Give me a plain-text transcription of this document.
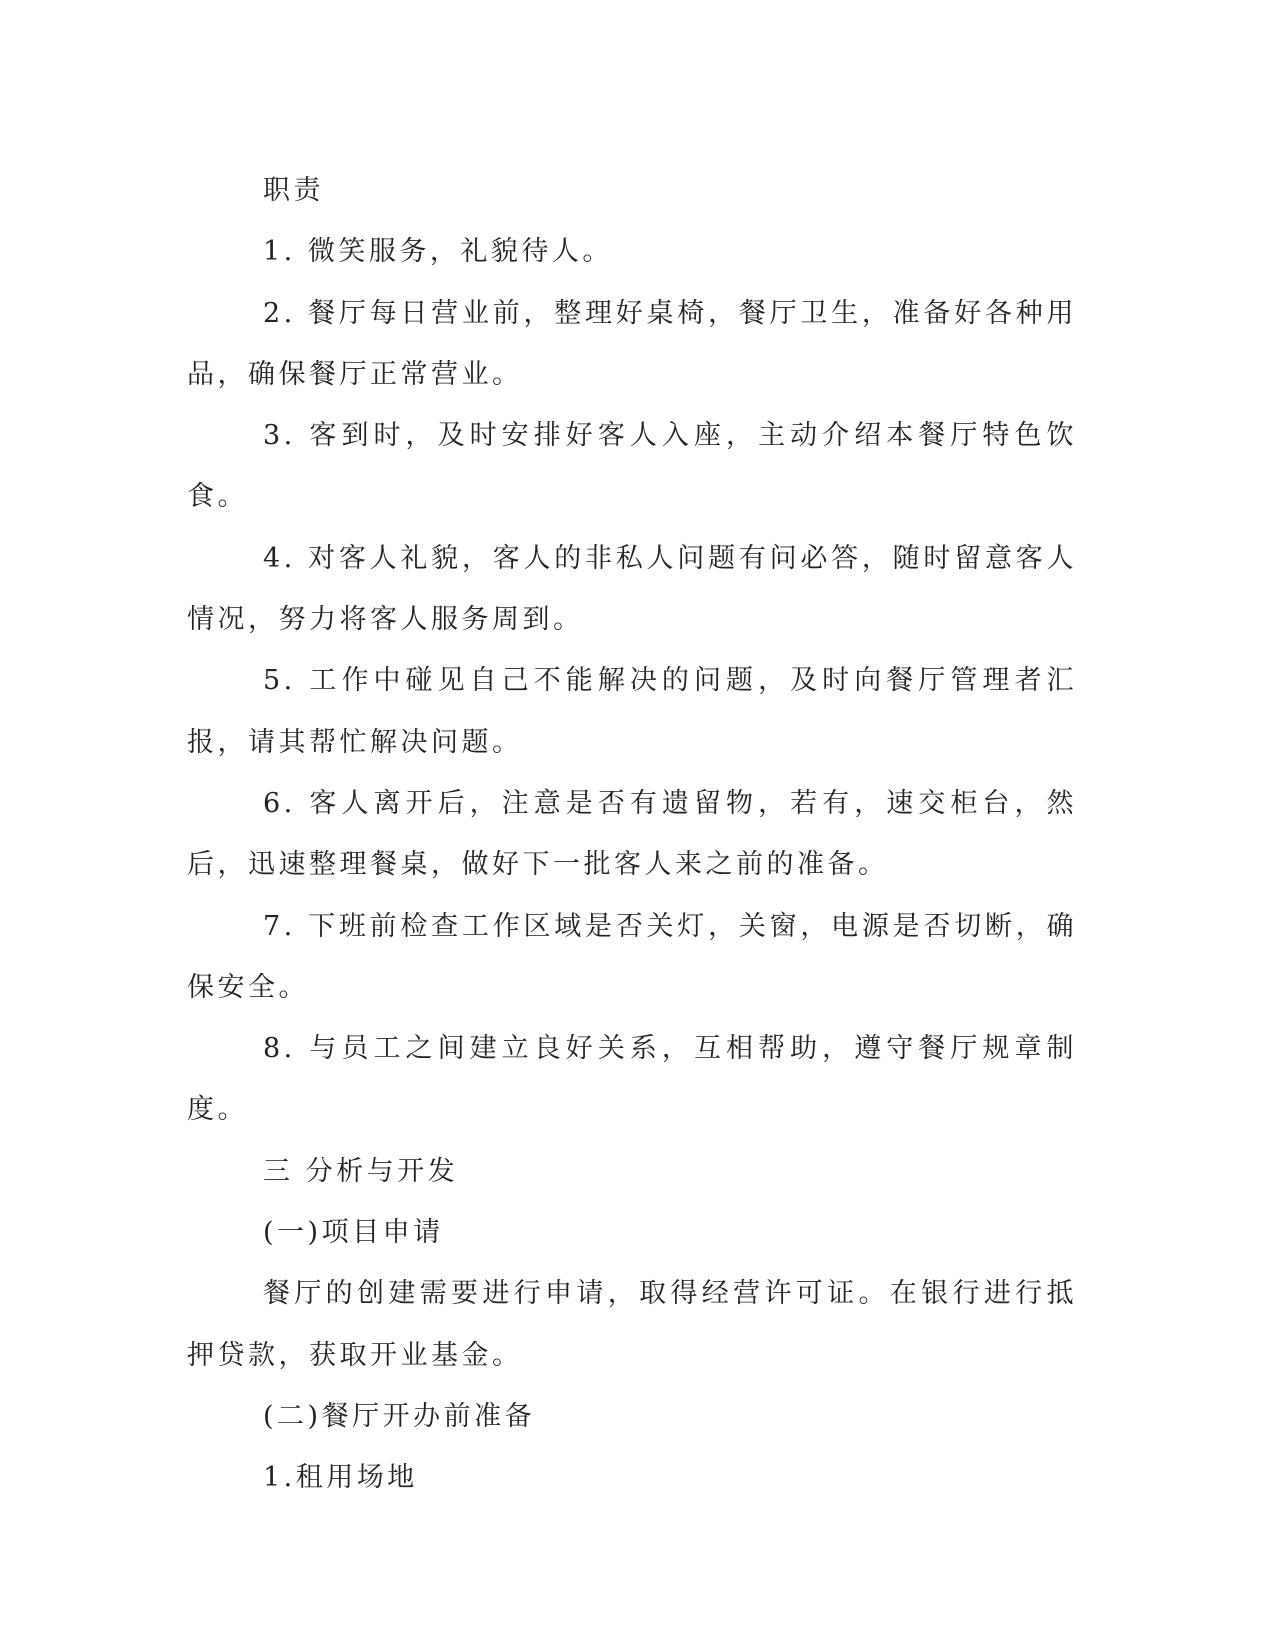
职责

1. 微笑服务，礼貌待人。

2. 餐厅每日营业前，整理好桌椅，餐厅卫生，准备好各种用品，确保餐厅正常营业。

3. 客到时，及时安排好客人入座，主动介绍本餐厅特色饮食。

4. 对客人礼貌，客人的非私人问题有问必答，随时留意客人情况，努力将客人服务周到。

5. 工作中碰见自己不能解决的问题，及时向餐厅管理者汇报，请其帮忙解决问题。

6. 客人离开后，注意是否有遗留物，若有，速交柜台，然后，迅速整理餐桌，做好下一批客人来之前的准备。

7. 下班前检查工作区域是否关灯，关窗，电源是否切断，确保安全。

8. 与员工之间建立良好关系，互相帮助，遵守餐厅规章制度。

三 分析与开发

(一)项目申请

餐厅的创建需要进行申请，取得经营许可证。在银行进行抵押贷款，获取开业基金。

(二)餐厅开办前准备

1.租用场地
